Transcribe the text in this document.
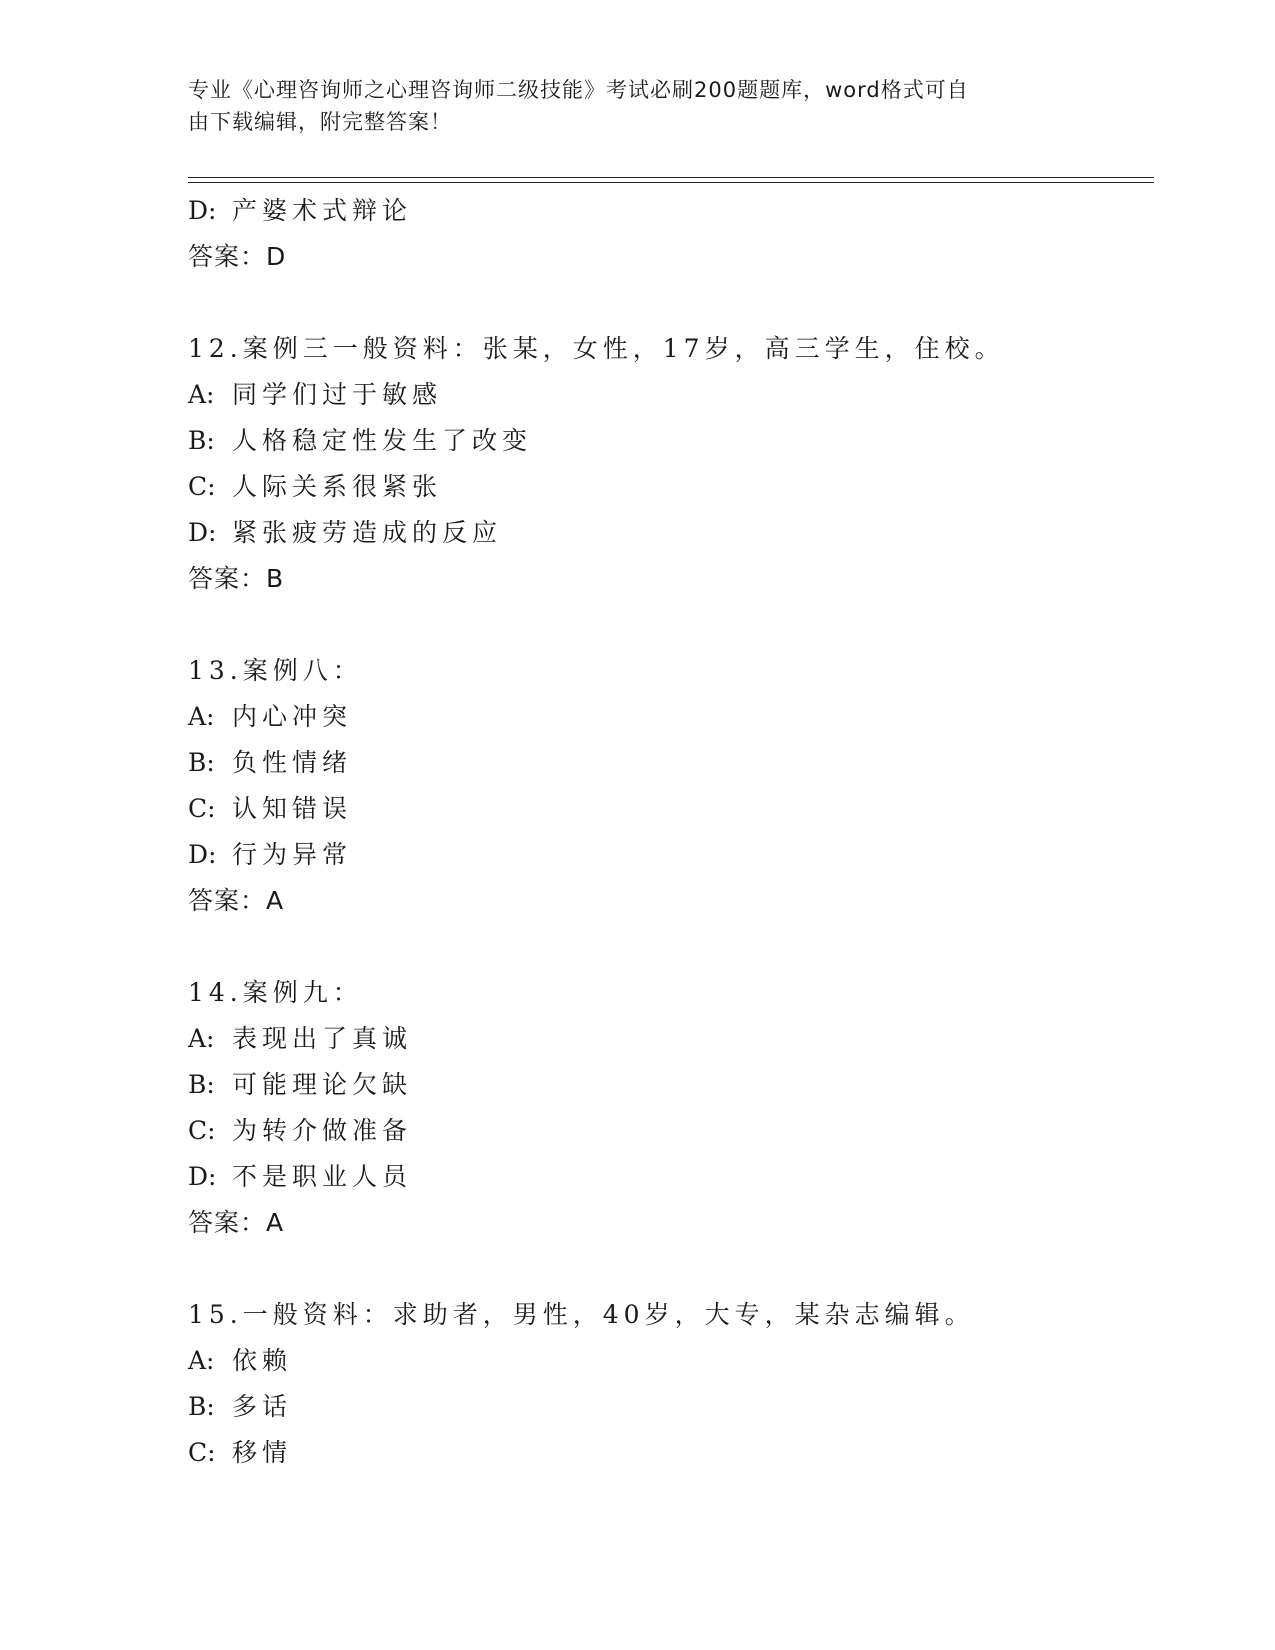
专业《心理咨询师之心理咨询师二级技能》考试必刷200题题库，word格式可自
由下载编辑，附完整答案！
D: 产婆术式辩论
答案：D
12.案例三一般资料：张某，女性，17岁，高三学生，住校。
A: 同学们过于敏感
B: 人格稳定性发生了改变
C: 人际关系很紧张
D: 紧张疲劳造成的反应
答案：B
13.案例八：
A: 内心冲突
B: 负性情绪
C: 认知错误
D: 行为异常
答案：A
14.案例九：
A: 表现出了真诚
B: 可能理论欠缺
C: 为转介做准备
D: 不是职业人员
答案：A
15.一般资料：求助者，男性，40岁，大专，某杂志编辑。
A: 依赖
B: 多话
C: 移情
